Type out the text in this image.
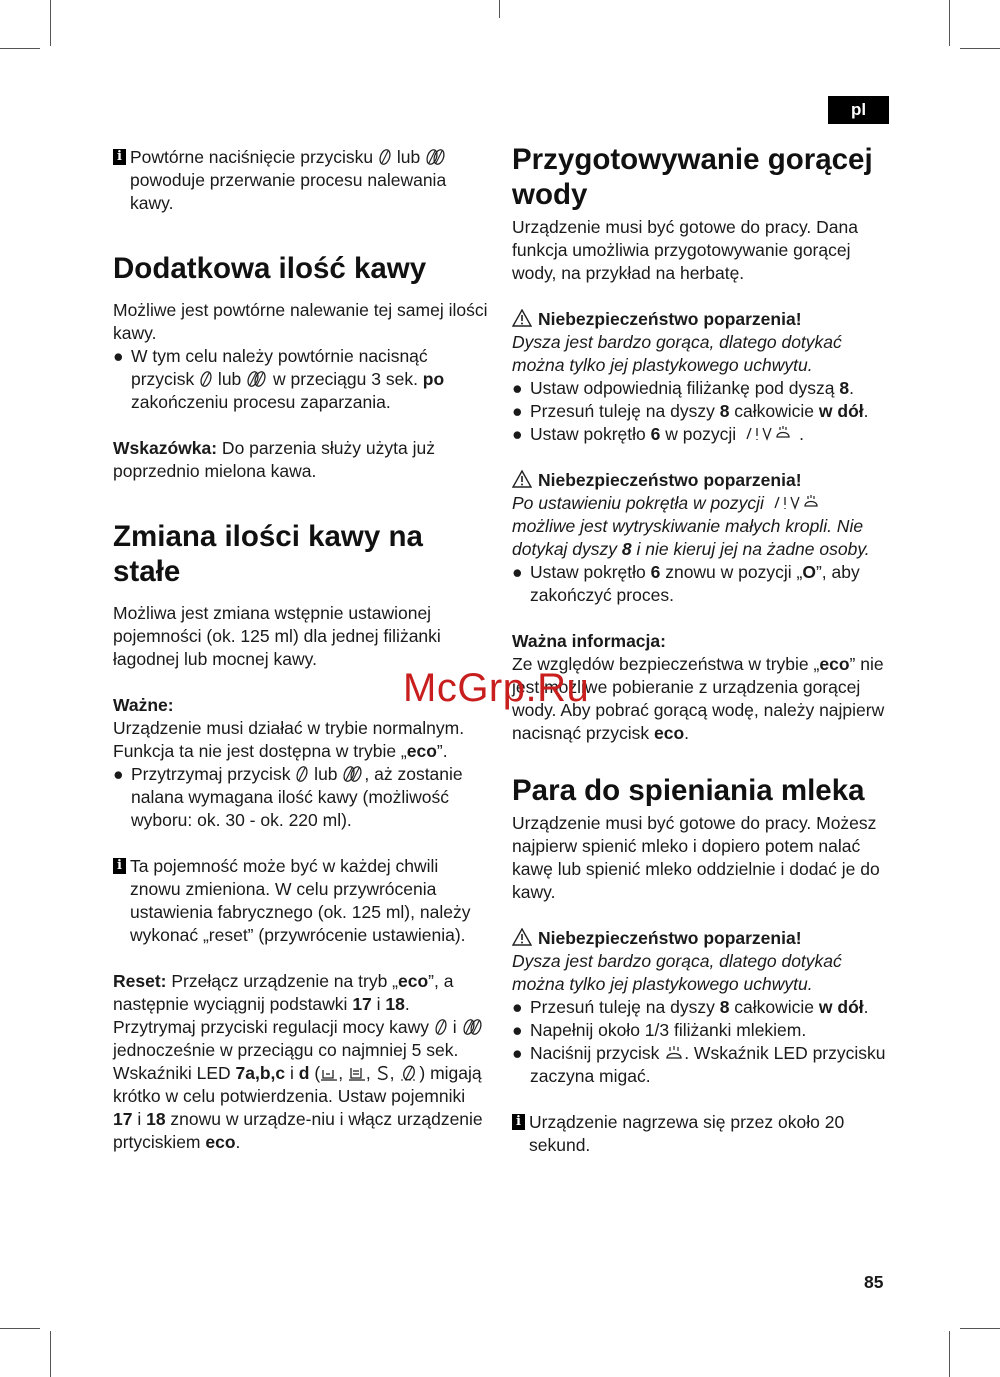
pl

i Powtórne naciśnięcie przycisku  lub  powoduje przerwanie procesu nalewania kawy.

Dodatkowa ilość kawy

Możliwe jest powtórne nalewanie tej samej ilości kawy.

● W tym celu należy powtórnie nacisnąć przycisk  lub  w przeciągu 3 sek. po zakończeniu procesu zaparzania.

Wskazówka: Do parzenia służy użyta już poprzednio mielona kawa.

Zmiana ilości kawy na stałe

Możliwa jest zmiana wstępnie ustawionej pojemności (ok. 125 ml) dla jednej filiżanki łagodnej lub mocnej kawy.

Ważne:

Urządzenie musi działać w trybie normalnym. Funkcja ta nie jest dostępna w trybie „eco”.

● Przytrzymaj przycisk  lub , aż zostanie nalana wymagana ilość kawy (możliwość wyboru: ok. 30 - ok. 220 ml).

i Ta pojemność może być w każdej chwili znowu zmieniona. W celu przywrócenia ustawienia fabrycznego (ok. 125 ml), należy wykonać „reset” (przywrócenie ustawienia).

Reset: Przełącz urządzenie na tryb „eco”, a następnie wyciągnij podstawki 17 i 18. Przytrymaj przyciski regulacji mocy kawy  i  jednocześnie w przeciągu co najmniej 5 sek. Wskaźniki LED 7a,b,c i d ( , , , ) migają krótko w celu potwierdzenia. Ustaw pojemniki 17 i 18 znowu w urządze-niu i włącz urządzenie prtyciskiem eco.

Przygotowywanie gorącej wody

Urządzenie musi być gotowe do pracy. Dana funkcja umożliwia przygotowywanie gorącej wody, na przykład na herbatę.

Niebezpieczeństwo poparzenia!

Dysza jest bardzo gorąca, dlatego dotykać można tylko jej plastykowego uchwytu.

● Ustaw odpowiednią filiżankę pod dyszą 8.

● Przesuń tuleję na dyszy 8 całkowicie w dół.

● Ustaw pokrętło 6 w pozycji	.

Niebezpieczeństwo poparzenia!

Po ustawieniu pokrętła w pozycji  możliwe jest wytryskiwanie małych kropli. Nie dotykaj dyszy 8 i nie kieruj jej na żadne osoby.

● Ustaw pokrętło 6 znowu w pozycji „O”, aby zakończyć proces.

Ważna informacja:

Ze względów bezpieczeństwa w trybie „eco” nie jest możliwe pobieranie z urządzenia gorącej wody. Aby pobrać gorącą wodę, należy najpierw nacisnąć przycisk eco.

Para do spieniania mleka

Urządzenie musi być gotowe do pracy. Możesz najpierw spienić mleko i dopiero potem nalać kawę lub spienić mleko oddzielnie i dodać je do kawy.

Niebezpieczeństwo poparzenia!

Dysza jest bardzo gorąca, dlatego dotykać można tylko jej plastykowego uchwytu.

● Przesuń tuleję na dyszy 8 całkowicie w dół.

● Napełnij około 1/3 filiżanki mlekiem.

● Naciśnij przycisk . Wskaźnik LED przycisku zaczyna migać.

i Urządzenie nagrzewa się przez około 20 sekund.

McGrp.Ru
85
